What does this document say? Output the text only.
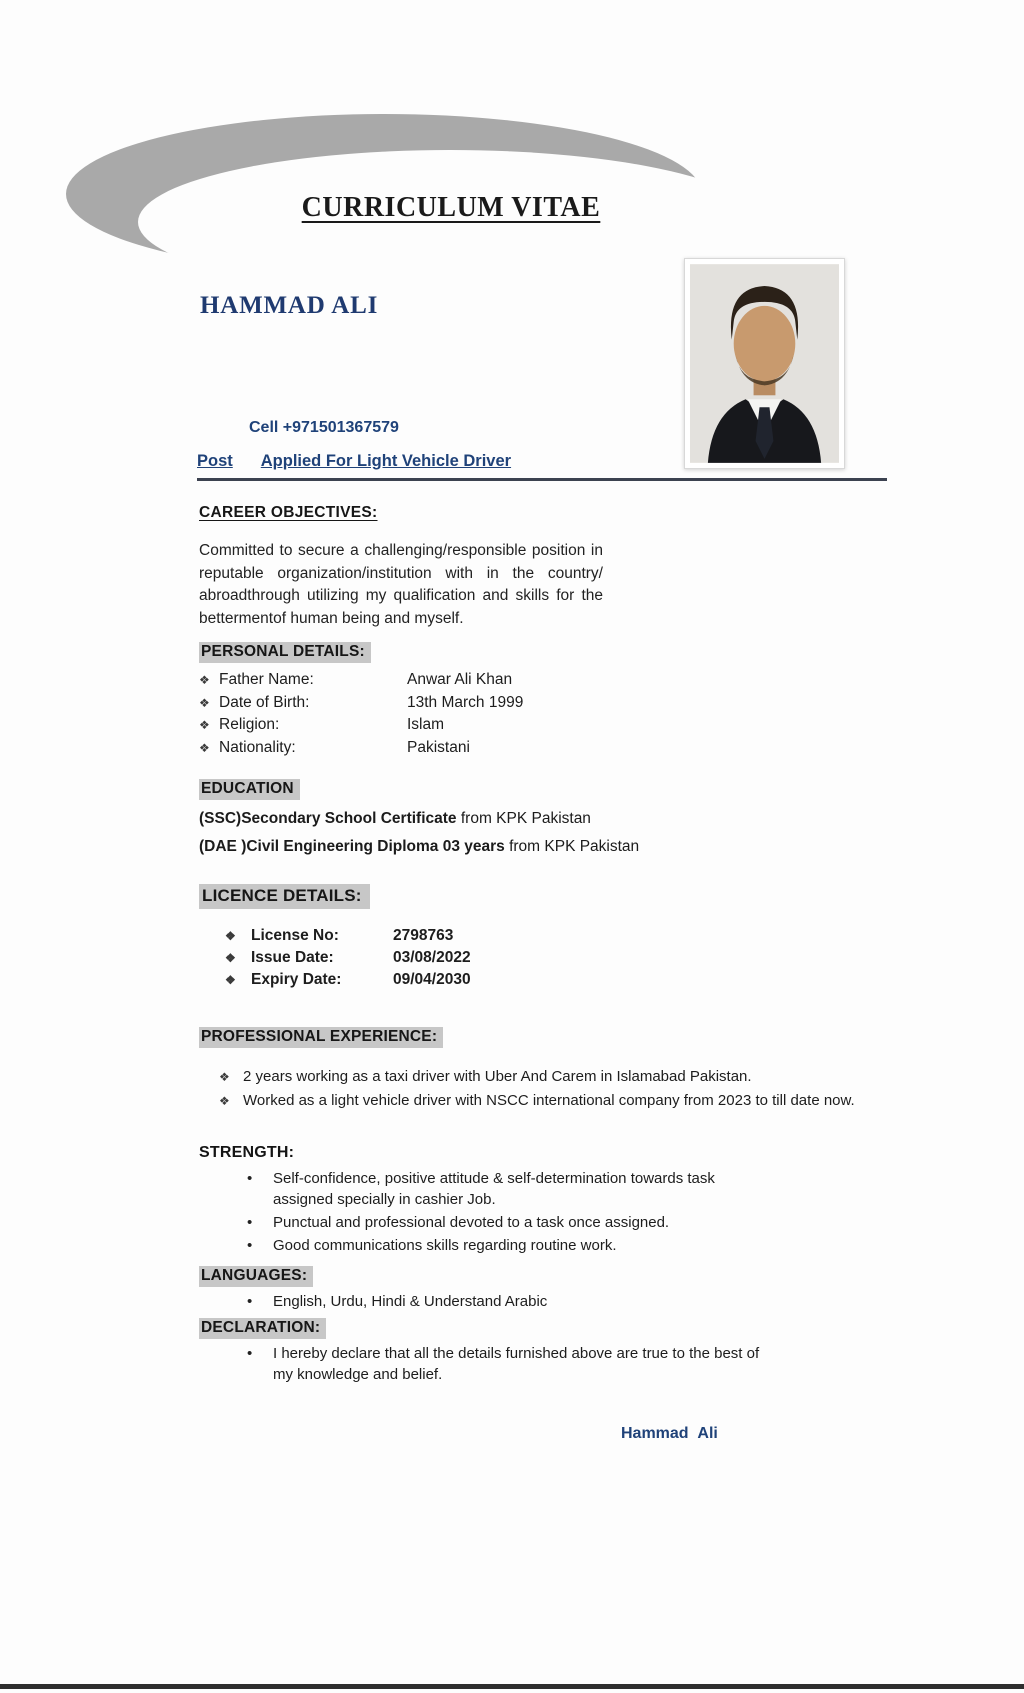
CURRICULUM VITAE
HAMMAD ALI
Cell +971501367579
Post Applied For Light Vehicle Driver
CAREER OBJECTIVES:

Committed to secure a challenging/responsible position in reputable organization/institution with in the country/ abroadthrough utilizing my qualification and skills for the bettermentof human being and myself.

PERSONAL DETAILS:
❖ Father Name:	Anwar Ali Khan
❖ Date of Birth:	13th March 1999
❖ Religion:	Islam
❖ Nationality:	Pakistani
EDUCATION
(SSC)Secondary School Certificate from KPK Pakistan
(DAE )Civil Engineering Diploma 03 years from KPK Pakistan
LICENCE DETAILS:
❖ License No:	2798763
❖ Issue Date:	03/08/2022
❖ Expiry Date:	09/04/2030
PROFESSIONAL EXPERIENCE:
❖ 2 years working as a taxi driver with Uber And Carem in Islamabad Pakistan.
❖ Worked as a light vehicle driver with NSCC international company from 2023 to till date now.
STRENGTH:
•	Self-confidence, positive attitude & self-determination towards task assigned specially in cashier Job.
•	Punctual and professional devoted to a task once assigned.
•	Good communications skills regarding routine work.
LANGUAGES:
•	English, Urdu, Hindi & Understand Arabic
DECLARATION:
•	I hereby declare that all the details furnished above are true to the best of my knowledge and belief.
Hammad Ali
